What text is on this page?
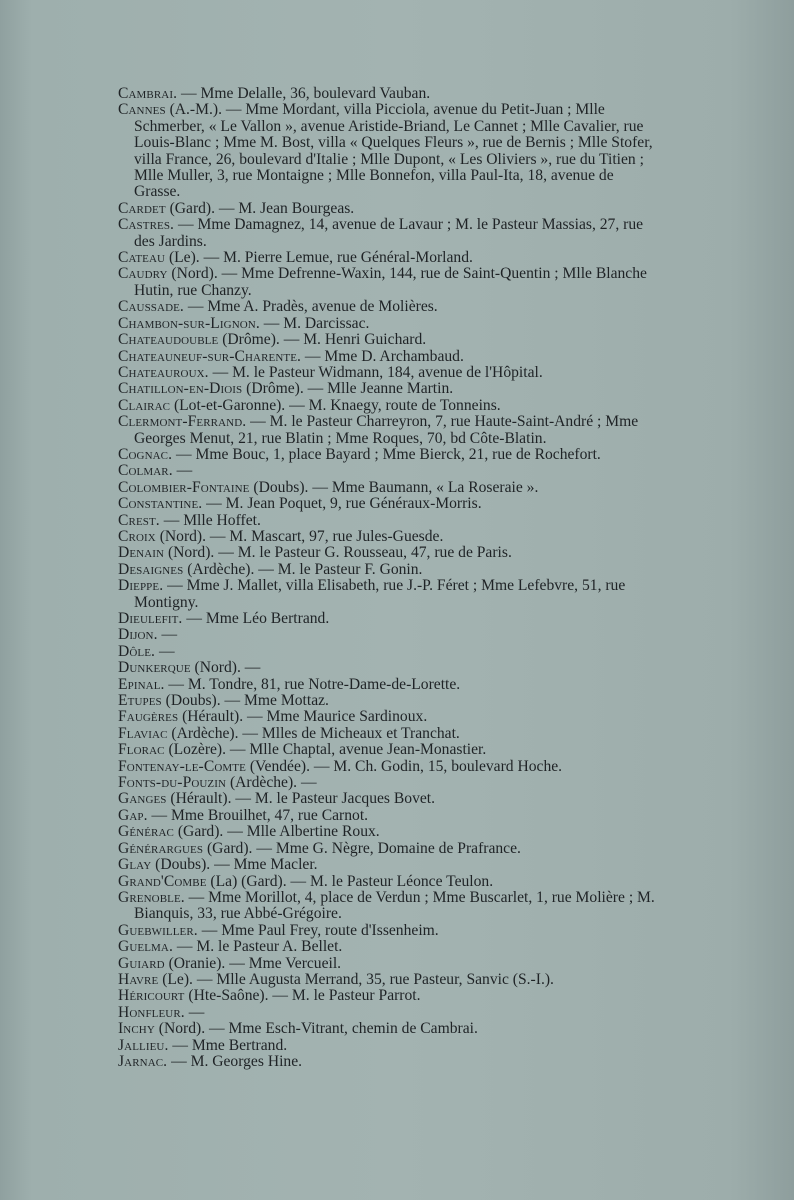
Cambrai. — Mme Delalle, 36, boulevard Vauban.

Cannes (A.-M.). — Mme Mordant, villa Picciola, avenue du Petit-Juan ; Mlle Schmerber, « Le Vallon », avenue Aristide-Briand, Le Cannet ; Mlle Cavalier, rue Louis-Blanc ; Mme M. Bost, villa « Quelques Fleurs », rue de Bernis ; Mlle Stofer, villa France, 26, boulevard d'Italie ; Mlle Dupont, « Les Oliviers », rue du Titien ; Mlle Muller, 3, rue Montaigne ; Mlle Bonnefon, villa Paul-Ita, 18, avenue de Grasse.

Cardet (Gard). — M. Jean Bourgeas.

Castres. — Mme Damagnez, 14, avenue de Lavaur ; M. le Pasteur Massias, 27, rue des Jardins.

Cateau (Le). — M. Pierre Lemue, rue Général-Morland.

Caudry (Nord). — Mme Defrenne-Waxin, 144, rue de Saint-Quentin ; Mlle Blanche Hutin, rue Chanzy.

Caussade. — Mme A. Pradès, avenue de Molières.

Chambon-sur-Lignon. — M. Darcissac.

Chateaudouble (Drôme). — M. Henri Guichard.

Chateauneuf-sur-Charente. — Mme D. Archambaud.

Chateauroux. — M. le Pasteur Widmann, 184, avenue de l'Hôpital.

Chatillon-en-Diois (Drôme). — Mlle Jeanne Martin.

Clairac (Lot-et-Garonne). — M. Knaegy, route de Tonneins.

Clermont-Ferrand. — M. le Pasteur Charreyron, 7, rue Haute-Saint-André ; Mme Georges Menut, 21, rue Blatin ; Mme Roques, 70, bd Côte-Blatin.

Cognac. — Mme Bouc, 1, place Bayard ; Mme Bierck, 21, rue de Rochefort.

Colmar. —

Colombier-Fontaine (Doubs). — Mme Baumann, « La Roseraie ».

Constantine. — M. Jean Poquet, 9, rue Généraux-Morris.

Crest. — Mlle Hoffet.

Croix (Nord). — M. Mascart, 97, rue Jules-Guesde.

Denain (Nord). — M. le Pasteur G. Rousseau, 47, rue de Paris.

Desaignes (Ardèche). — M. le Pasteur F. Gonin.

Dieppe. — Mme J. Mallet, villa Elisabeth, rue J.-P. Féret ; Mme Lefebvre, 51, rue Montigny.

Dieulefit. — Mme Léo Bertrand.

Dijon. —

Dôle. —

Dunkerque (Nord). —

Epinal. — M. Tondre, 81, rue Notre-Dame-de-Lorette.

Etupes (Doubs). — Mme Mottaz.

Faugères (Hérault). — Mme Maurice Sardinoux.

Flaviac (Ardèche). — Mlles de Micheaux et Tranchat.

Florac (Lozère). — Mlle Chaptal, avenue Jean-Monastier.

Fontenay-le-Comte (Vendée). — M. Ch. Godin, 15, boulevard Hoche.

Fonts-du-Pouzin (Ardèche). —

Ganges (Hérault). — M. le Pasteur Jacques Bovet.

Gap. — Mme Brouilhet, 47, rue Carnot.

Générac (Gard). — Mlle Albertine Roux.

Générargues (Gard). — Mme G. Nègre, Domaine de Prafrance.

Glay (Doubs). — Mme Macler.

Grand'Combe (La) (Gard). — M. le Pasteur Léonce Teulon.

Grenoble. — Mme Morillot, 4, place de Verdun ; Mme Buscarlet, 1, rue Molière ; M. Bianquis, 33, rue Abbé-Grégoire.

Guebwiller. — Mme Paul Frey, route d'Issenheim.

Guelma. — M. le Pasteur A. Bellet.

Guiard (Oranie). — Mme Vercueil.

Havre (Le). — Mlle Augusta Merrand, 35, rue Pasteur, Sanvic (S.-I.).

Héricourt (Hte-Saône). — M. le Pasteur Parrot.

Honfleur. —

Inchy (Nord). — Mme Esch-Vitrant, chemin de Cambrai.

Jallieu. — Mme Bertrand.

Jarnac. — M. Georges Hine.
